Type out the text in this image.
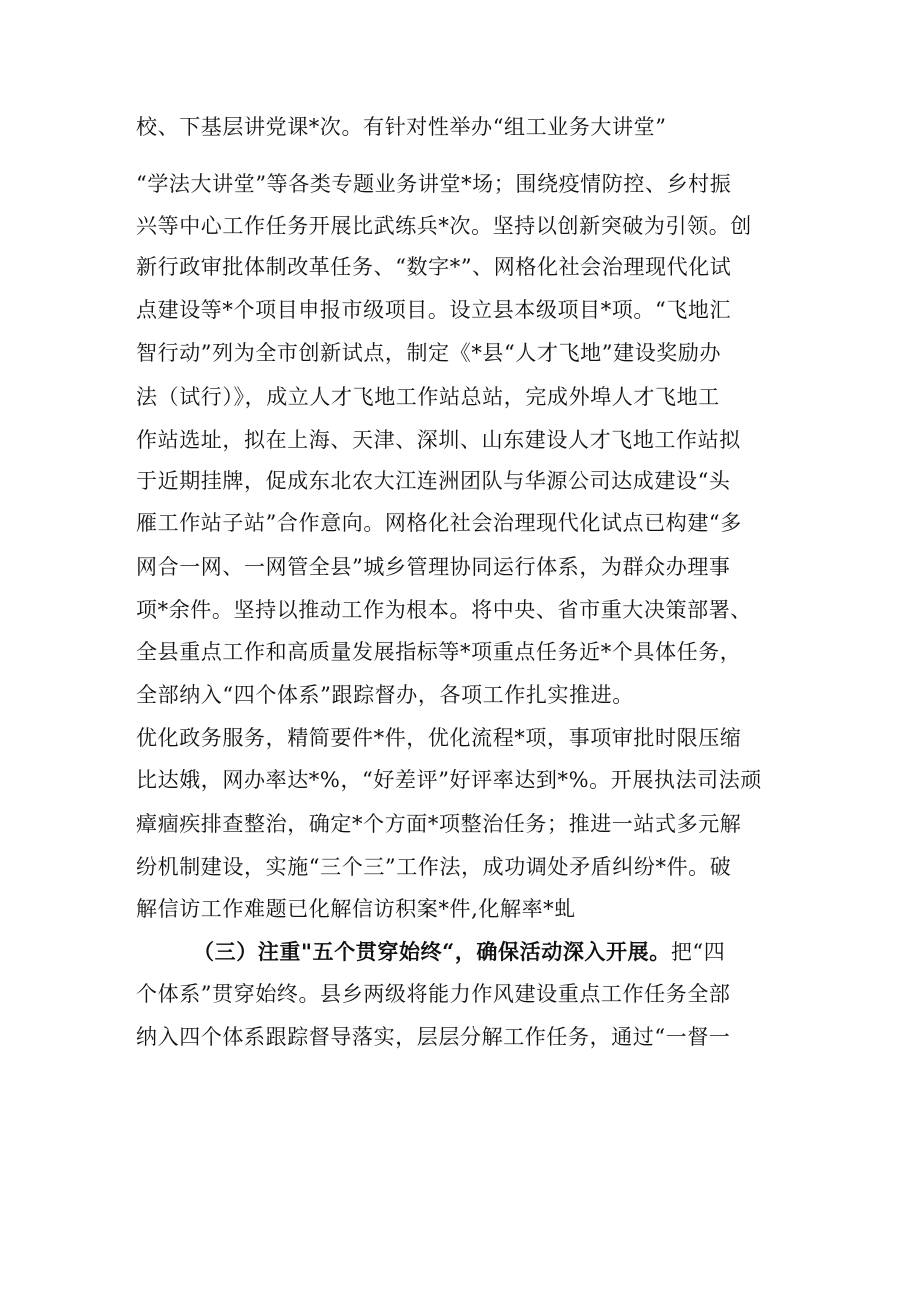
校、下基层讲党课*次。有针对性举办“组工业务大讲堂”
“学法大讲堂”等各类专题业务讲堂*场；围绕疫情防控、乡村振
兴等中心工作任务开展比武练兵*次。坚持以创新突破为引领。创
新行政审批体制改革任务、“数字*”、网格化社会治理现代化试
点建设等*个项目申报市级项目。设立县本级项目*项。“飞地汇
智行动”列为全市创新试点，制定《*县“人才飞地”建设奖励办
法（试行）》，成立人才飞地工作站总站，完成外埠人才飞地工
作站选址，拟在上海、天津、深圳、山东建设人才飞地工作站拟
于近期挂牌，促成东北农大江连洲团队与华源公司达成建设“头
雁工作站子站”合作意向。网格化社会治理现代化试点已构建“多
网合一网、一网管全县”城乡管理协同运行体系，为群众办理事
项*余件。坚持以推动工作为根本。将中央、省市重大决策部署、
全县重点工作和高质量发展指标等*项重点任务近*个具体任务，
全部纳入“四个体系”跟踪督办，各项工作扎实推进。
优化政务服务，精简要件*件，优化流程*项，事项审批时限压缩
比达娥，网办率达*%，“好差评”好评率达到*%。开展执法司法顽
瘴痼疾排查整治，确定*个方面*项整治任务；推进一站式多元解
纷机制建设，实施“三个三”工作法，成功调处矛盾纠纷*件。破
解信访工作难题已化解信访积案*件,化解率*虬
（三）注重"五个贯穿始终“，确保活动深入开展。把“四
个体系”贯穿始终。县乡两级将能力作风建设重点工作任务全部
纳入四个体系跟踪督导落实，层层分解工作任务，通过“一督一
